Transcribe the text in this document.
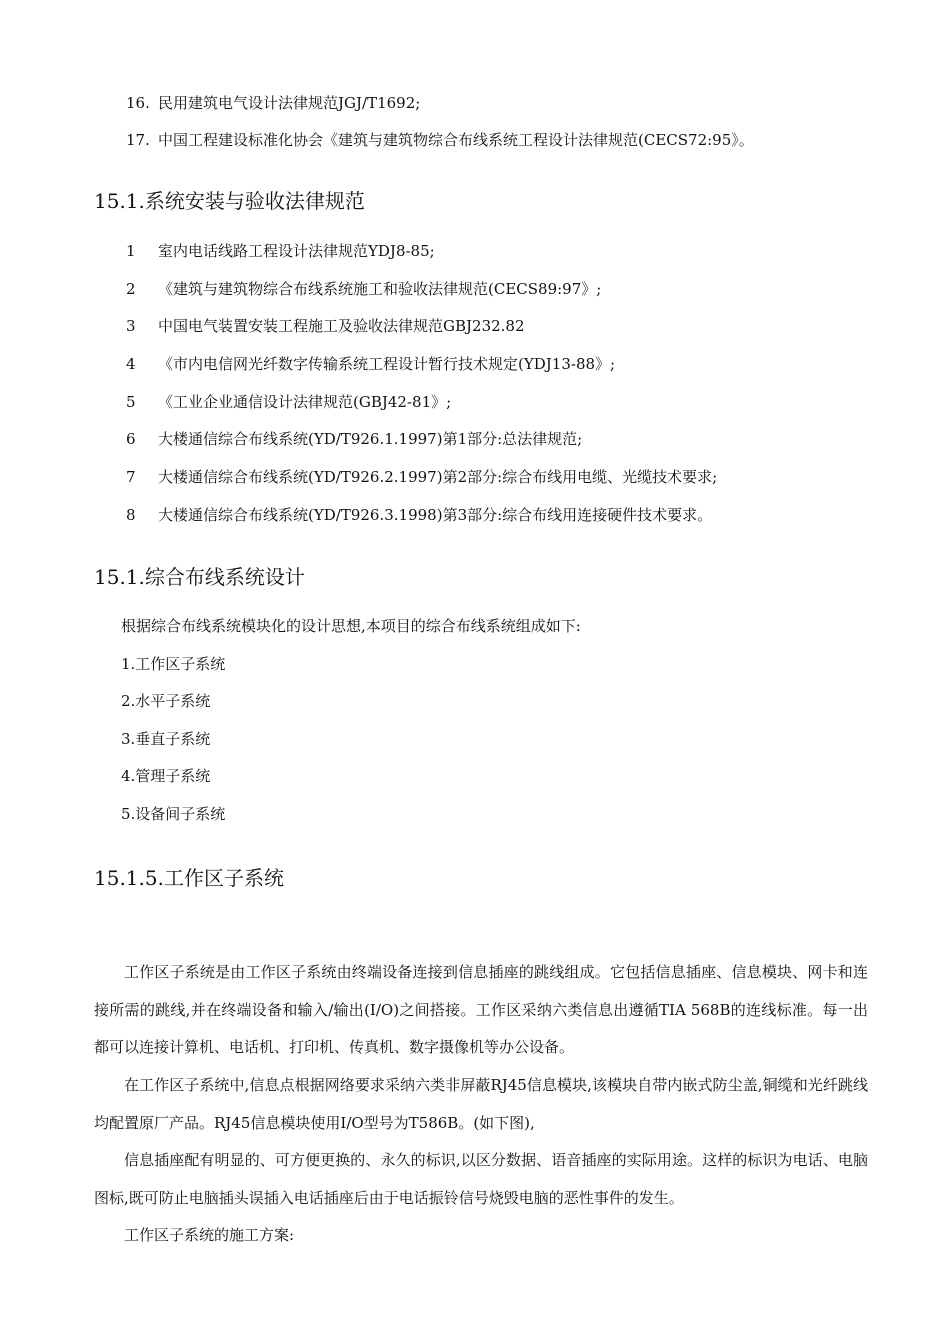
16. 民用建筑电气设计法律规范JGJ/T1692;
17. 中国工程建设标准化协会《建筑与建筑物综合布线系统工程设计法律规范(CECS72:95》。
15.1.系统安装与验收法律规范
1 室内电话线路工程设计法律规范YDJ8-85;
2 《建筑与建筑物综合布线系统施工和验收法律规范(CECS89:97》;
3 中国电气装置安装工程施工及验收法律规范GBJ232.82
4 《市内电信网光纤数字传输系统工程设计暂行技术规定(YDJ13-88》;
5 《工业企业通信设计法律规范(GBJ42-81》;
6 大楼通信综合布线系统(YD/T926.1.1997)第1部分:总法律规范;
7 大楼通信综合布线系统(YD/T926.2.1997)第2部分:综合布线用电缆、光缆技术要求;
8 大楼通信综合布线系统(YD/T926.3.1998)第3部分:综合布线用连接硬件技术要求。
15.1.综合布线系统设计
根据综合布线系统模块化的设计思想,本项目的综合布线系统组成如下:
1.工作区子系统
2.水平子系统
3.垂直子系统
4.管理子系统
5.设备间子系统
15.1.5.工作区子系统
工作区子系统是由工作区子系统由终端设备连接到信息插座的跳线组成。它包括信息插座、信息模块、网卡和连接所需的跳线,并在终端设备和输入/输出(I/O)之间搭接。工作区采纳六类信息出遵循TIA 568B的连线标准。每一出都可以连接计算机、电话机、打印机、传真机、数字摄像机等办公设备。
在工作区子系统中,信息点根据网络要求采纳六类非屏蔽RJ45信息模块,该模块自带内嵌式防尘盖,铜缆和光纤跳线均配置原厂产品。RJ45信息模块使用I/O型号为T586B。(如下图),
信息插座配有明显的、可方便更换的、永久的标识,以区分数据、语音插座的实际用途。这样的标识为电话、电脑图标,既可防止电脑插头误插入电话插座后由于电话振铃信号烧毁电脑的恶性事件的发生。
工作区子系统的施工方案:
